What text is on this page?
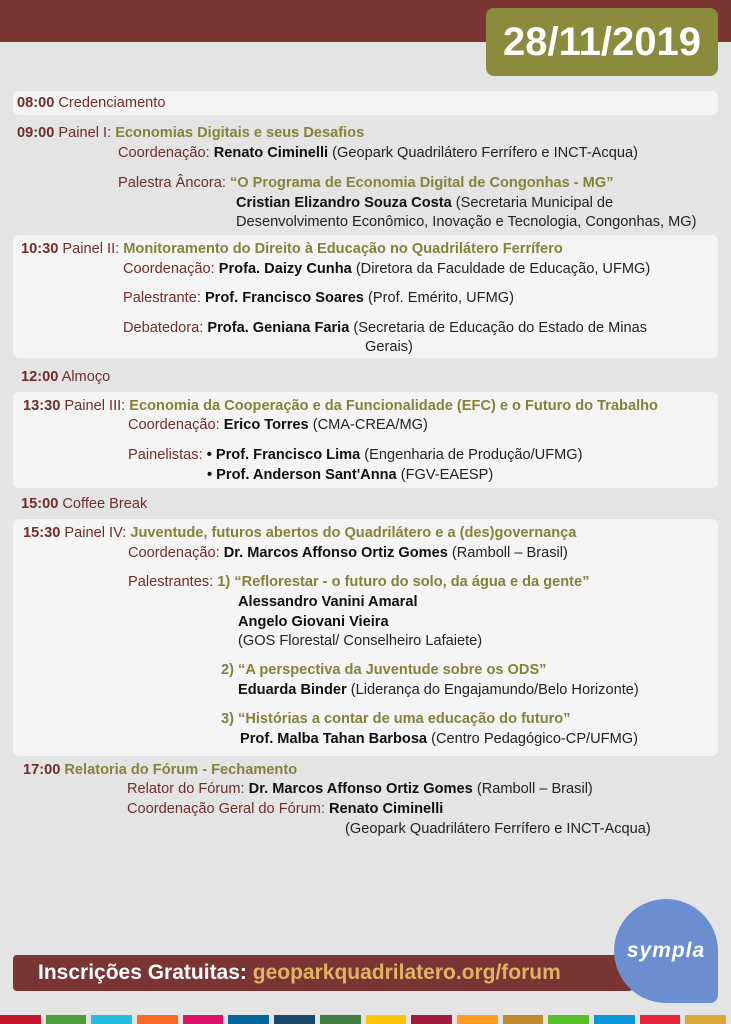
28/11/2019
08:00 Credenciamento
09:00 Painel I: Economias Digitais e seus Desafios
Coordenação: Renato Ciminelli (Geopark Quadrilátero Ferrífero e INCT-Acqua)
Palestra Âncora: “O Programa de Economia Digital de Congonhas - MG”
Cristian Elizandro Souza Costa (Secretaria Municipal de
Desenvolvimento Econômico, Inovação e Tecnologia, Congonhas, MG)
10:30 Painel II: Monitoramento do Direito à Educação no Quadrilátero Ferrífero
Coordenação: Profa. Daizy Cunha (Diretora da Faculdade de Educação, UFMG)
Palestrante: Prof. Francisco Soares (Prof. Emérito, UFMG)
Debatedora: Profa. Geniana Faria (Secretaria de Educação do Estado de Minas
Gerais)
12:00 Almoço
13:30 Painel III: Economia da Cooperação e da Funcionalidade (EFC) e o Futuro do Trabalho
Coordenação: Erico Torres (CMA-CREA/MG)
Painelistas: • Prof. Francisco Lima (Engenharia de Produção/UFMG)
• Prof. Anderson Sant'Anna (FGV-EAESP)
15:00 Coffee Break
15:30 Painel IV: Juventude, futuros abertos do Quadrilátero e a (des)governança
Coordenação: Dr. Marcos Affonso Ortiz Gomes (Ramboll – Brasil)
Palestrantes: 1) “Reflorestar - o futuro do solo, da água e da gente”
Alessandro Vanini Amaral
Angelo Giovani Vieira
(GOS Florestal/ Conselheiro Lafaiete)
2) “A perspectiva da Juventude sobre os ODS”
Eduarda Binder (Liderança do Engajamundo/Belo Horizonte)
3) “Histórias a contar de uma educação do futuro”
Prof. Malba Tahan Barbosa (Centro Pedagógico-CP/UFMG)
17:00 Relatoria do Fórum - Fechamento
Relator do Fórum: Dr. Marcos Affonso Ortiz Gomes (Ramboll – Brasil)
Coordenação Geral do Fórum: Renato Ciminelli
(Geopark Quadrilátero Ferrífero e INCT-Acqua)
Inscrições Gratuitas: geoparkquadrilatero.org/forum
sympla
